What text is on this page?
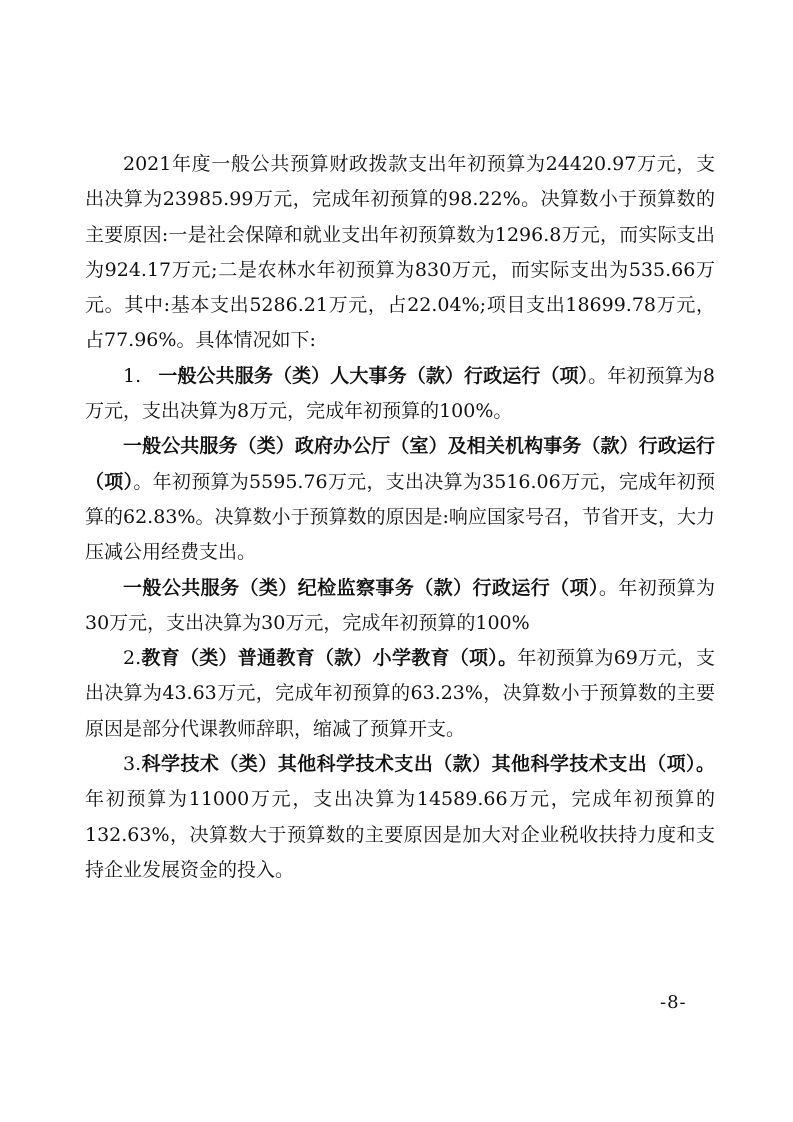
2021年度一般公共预算财政拨款支出年初预算为24420.97万元，支出决算为23985.99万元，完成年初预算的98.22%。决算数小于预算数的主要原因:一是社会保障和就业支出年初预算数为1296.8万元，而实际支出为924.17万元;二是农林水年初预算为830万元，而实际支出为535.66万元。其中:基本支出5286.21万元，占22.04%;项目支出18699.78万元，占77.96%。具体情况如下:

1. 一般公共服务（类）人大事务（款）行政运行（项）。年初预算为8万元，支出决算为8万元，完成年初预算的100%。

一般公共服务（类）政府办公厅（室）及相关机构事务（款）行政运行（项）。年初预算为5595.76万元，支出决算为3516.06万元，完成年初预算的62.83%。决算数小于预算数的原因是:响应国家号召，节省开支，大力压减公用经费支出。

一般公共服务（类）纪检监察事务（款）行政运行（项）。年初预算为30万元，支出决算为30万元，完成年初预算的100%

2.教育（类）普通教育（款）小学教育（项）。年初预算为69万元，支出决算为43.63万元，完成年初预算的63.23%，决算数小于预算数的主要原因是部分代课教师辞职，缩减了预算开支。

3.科学技术（类）其他科学技术支出（款）其他科学技术支出（项）。年初预算为11000万元，支出决算为14589.66万元，完成年初预算的132.63%，决算数大于预算数的主要原因是加大对企业税收扶持力度和支持企业发展资金的投入。

-8-
